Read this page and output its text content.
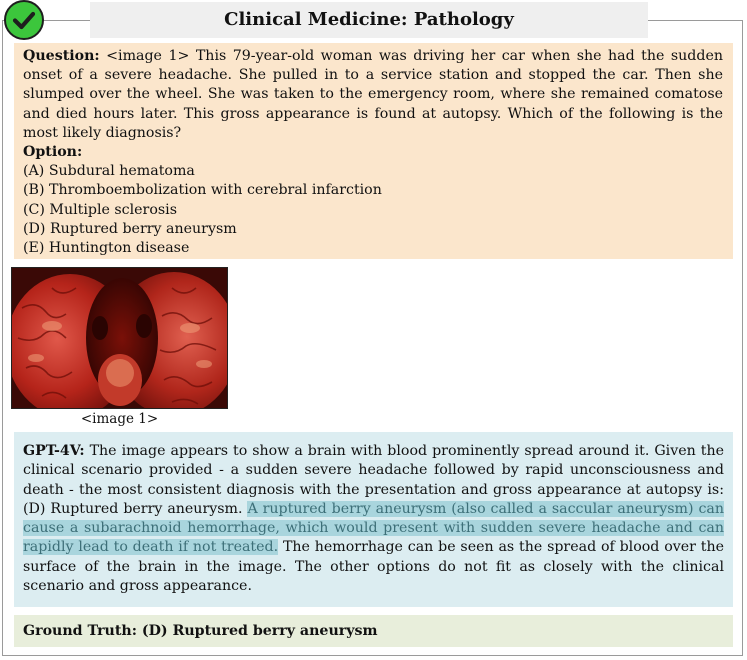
Clinical Medicine: Pathology

Question: <image 1> This 79-year-old woman was driving her car when she had the sudden onset of a severe headache. She pulled in to a service station and stopped the car. Then she slumped over the wheel. She was taken to the emergency room, where she remained comatose and died hours later. This gross appearance is found at autopsy. Which of the following is the most likely diagnosis?

Option:

(A) Subdural hematoma

(B) Thromboembolization with cerebral infarction

(C) Multiple sclerosis

(D) Ruptured berry aneurysm

(E) Huntington disease

<image 1>

GPT-4V: The image appears to show a brain with blood prominently spread around it. Given the clinical scenario provided - a sudden severe headache followed by rapid unconsciousness and death - the most consistent diagnosis with the presentation and gross appearance at autopsy is: (D) Ruptured berry aneurysm. A ruptured berry aneurysm (also called a saccular aneurysm) can cause a subarachnoid hemorrhage, which would present with sudden severe headache and can rapidly lead to death if not treated. The hemorrhage can be seen as the spread of blood over the surface of the brain in the image. The other options do not fit as closely with the clinical scenario and gross appearance.

Ground Truth: (D) Ruptured berry aneurysm
